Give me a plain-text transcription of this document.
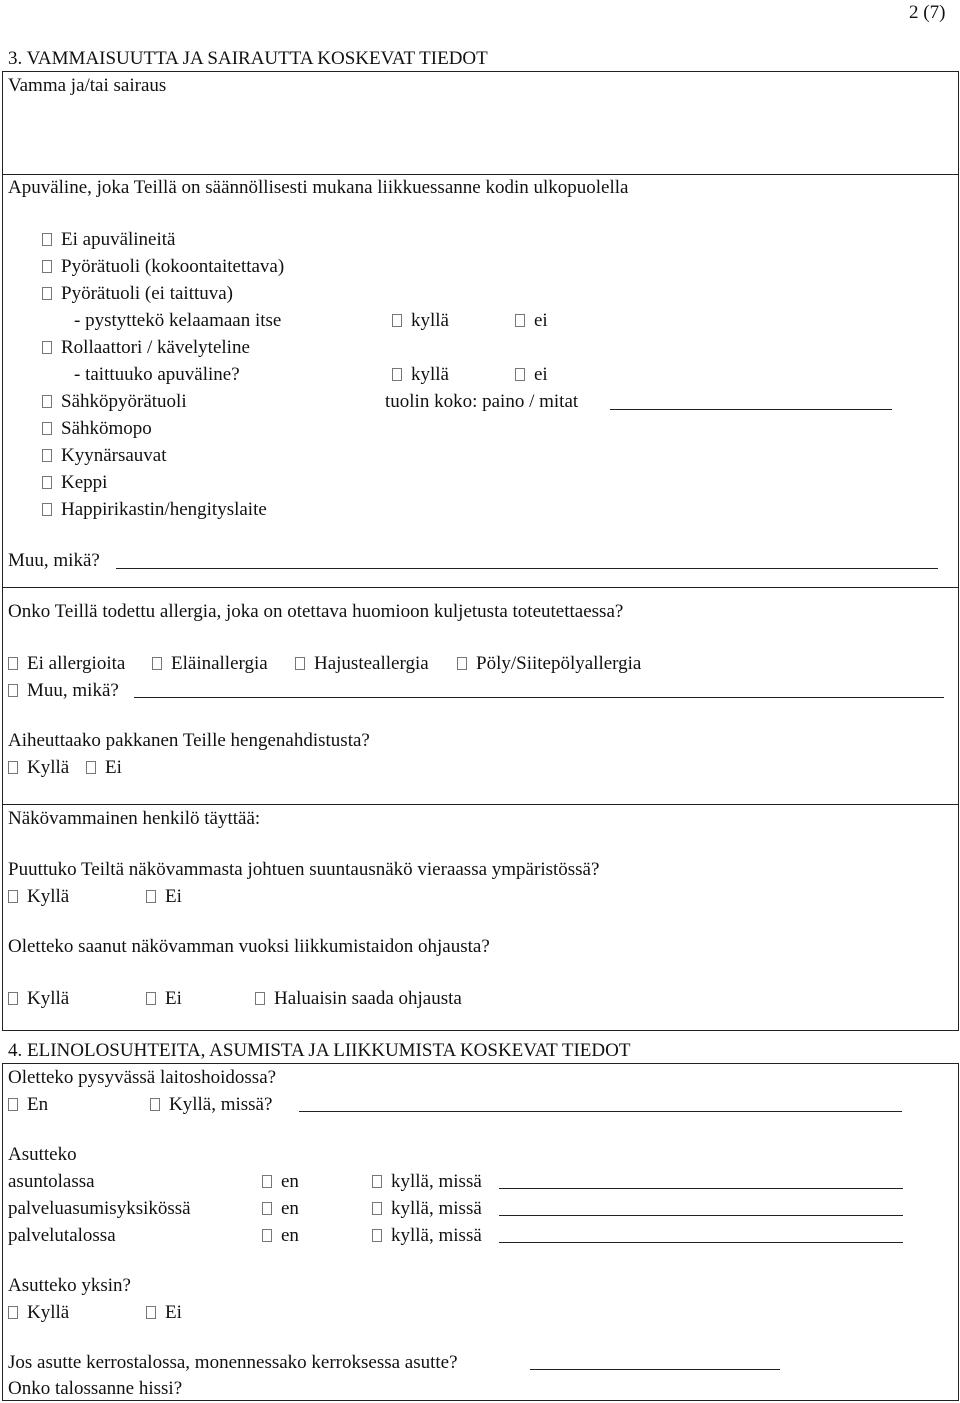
2 (7)
3. VAMMAISUUTTA JA SAIRAUTTA KOSKEVAT TIEDOT
Vamma ja/tai sairaus
Apuväline, joka Teillä on säännöllisesti mukana liikkuessanne kodin ulkopuolella
Ei apuvälineitä
Pyörätuoli (kokoontaitettava)
Pyörätuoli (ei taittuva)
- pystyttekö kelaamaan itse	kyllä	ei
Rollaattori / kävelyteline
- taittuuko apuväline?	kyllä	ei
Sähköpyörätuoli	tuolin koko: paino / mitat
Sähkömopo
Kyynärsauvat
Keppi
Happirikastin/hengityslaite
Muu, mikä?
Onko Teillä todettu allergia, joka on otettava huomioon kuljetusta toteutettaessa?
Ei allergioita	Eläinallergia	Hajusteallergia	Pöly/Siitepölyallergia
Muu, mikä?
Aiheuttaako pakkanen Teille hengenahdistusta?
Kyllä	Ei
Näkövammainen henkilö täyttää:
Puuttuko Teiltä näkövammasta johtuen suuntausnäkö vieraassa ympäristössä?
Kyllä	Ei
Oletteko saanut näkövamman vuoksi liikkumistaidon ohjausta?
Kyllä	Ei	Haluaisin saada ohjausta
4. ELINOLOSUHTEITA, ASUMISTA JA LIIKKUMISTA KOSKEVAT TIEDOT
Oletteko pysyvässä laitoshoidossa?
En	Kyllä, missä?
Asutteko
asuntolassa	en	kyllä, missä
palveluasumisyksikössä	en	kyllä, missä
palvelutalossa	en	kyllä, missä
Asutteko yksin?
Kyllä	Ei
Jos asutte kerrostalossa, monennessako kerroksessa asutte?
Onko talossanne hissi?
